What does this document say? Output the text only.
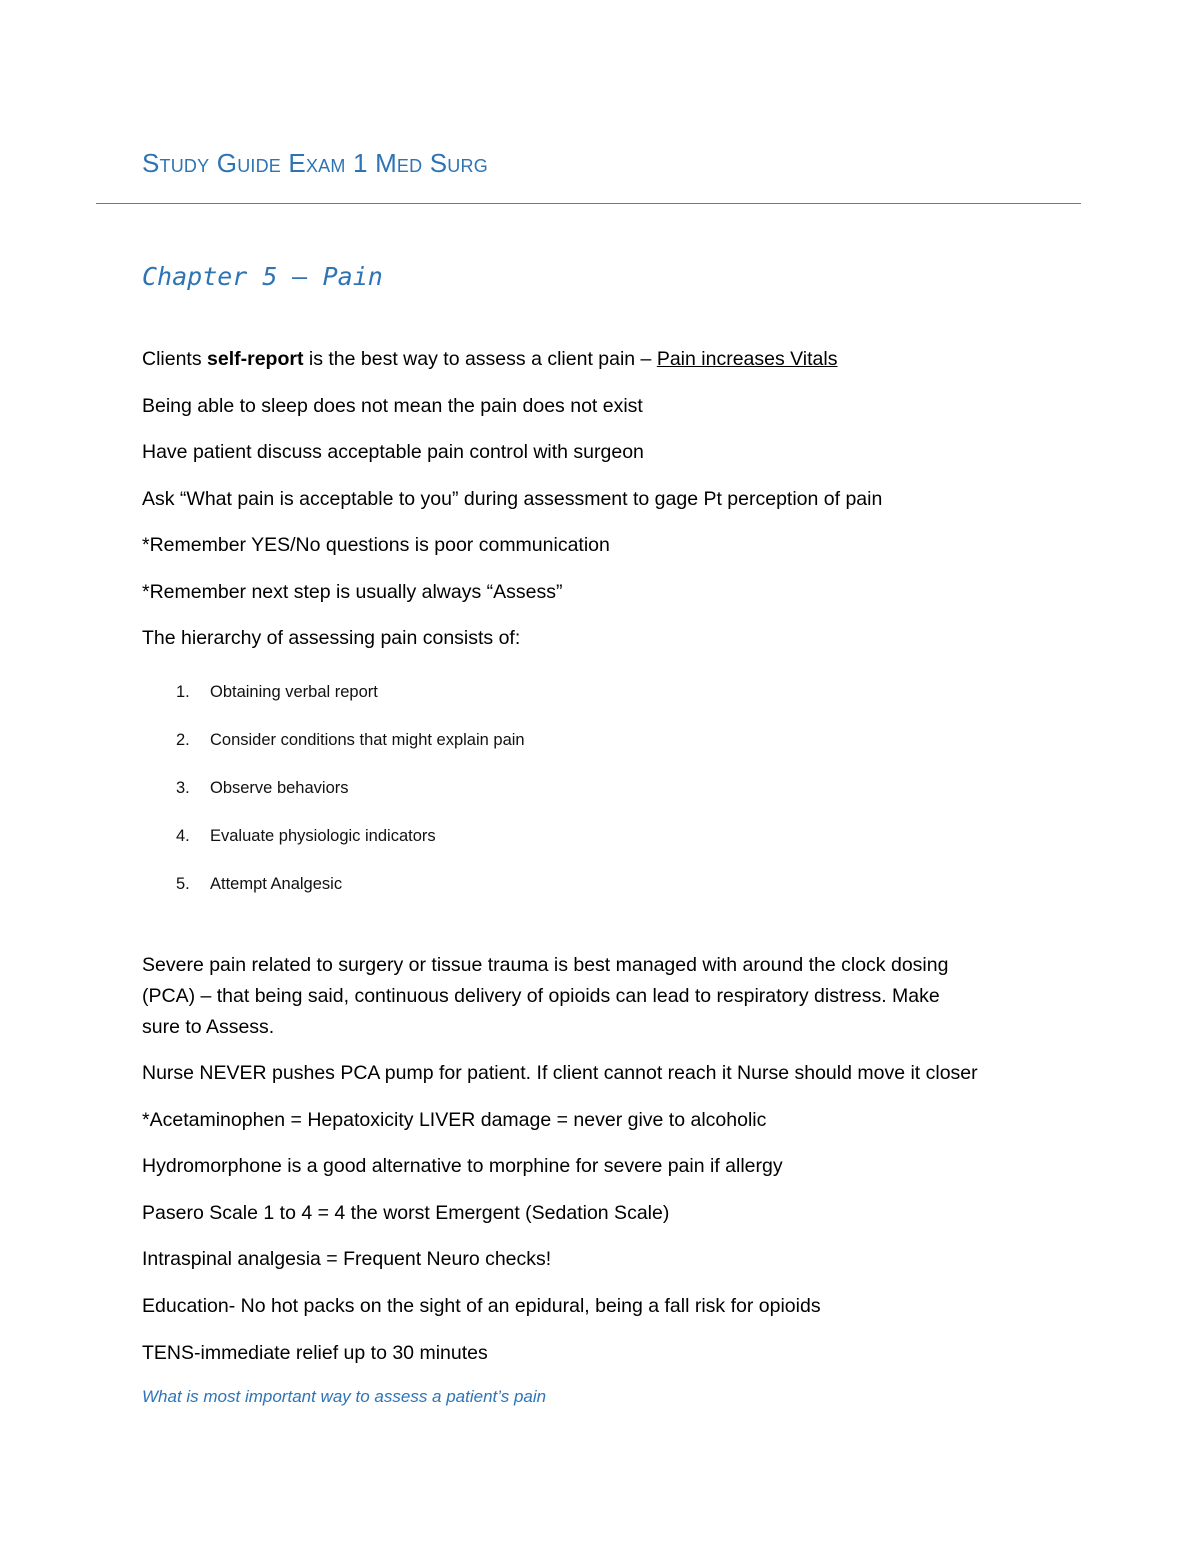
Study Guide Exam 1 Med Surg
Chapter 5 – Pain

Clients self-report is the best way to assess a client pain – Pain increases Vitals

Being able to sleep does not mean the pain does not exist

Have patient discuss acceptable pain control with surgeon

Ask “What pain is acceptable to you” during assessment to gage Pt perception of pain

*Remember YES/No questions is poor communication

*Remember next step is usually always “Assess”

The hierarchy of assessing pain consists of:

1. Obtaining verbal report
2. Consider conditions that might explain pain
3. Observe behaviors
4. Evaluate physiologic indicators
5. Attempt Analgesic

Severe pain related to surgery or tissue trauma is best managed with around the clock dosing

(PCA) – that being said, continuous delivery of opioids can lead to respiratory distress. Make

sure to Assess.

Nurse NEVER pushes PCA pump for patient. If client cannot reach it Nurse should move it closer

*Acetaminophen = Hepatoxicity LIVER damage = never give to alcoholic

Hydromorphone is a good alternative to morphine for severe pain if allergy

Pasero Scale 1 to 4 = 4 the worst Emergent (Sedation Scale)

Intraspinal analgesia = Frequent Neuro checks!

Education- No hot packs on the sight of an epidural, being a fall risk for opioids

TENS-immediate relief up to 30 minutes

What is most important way to assess a patient’s pain
